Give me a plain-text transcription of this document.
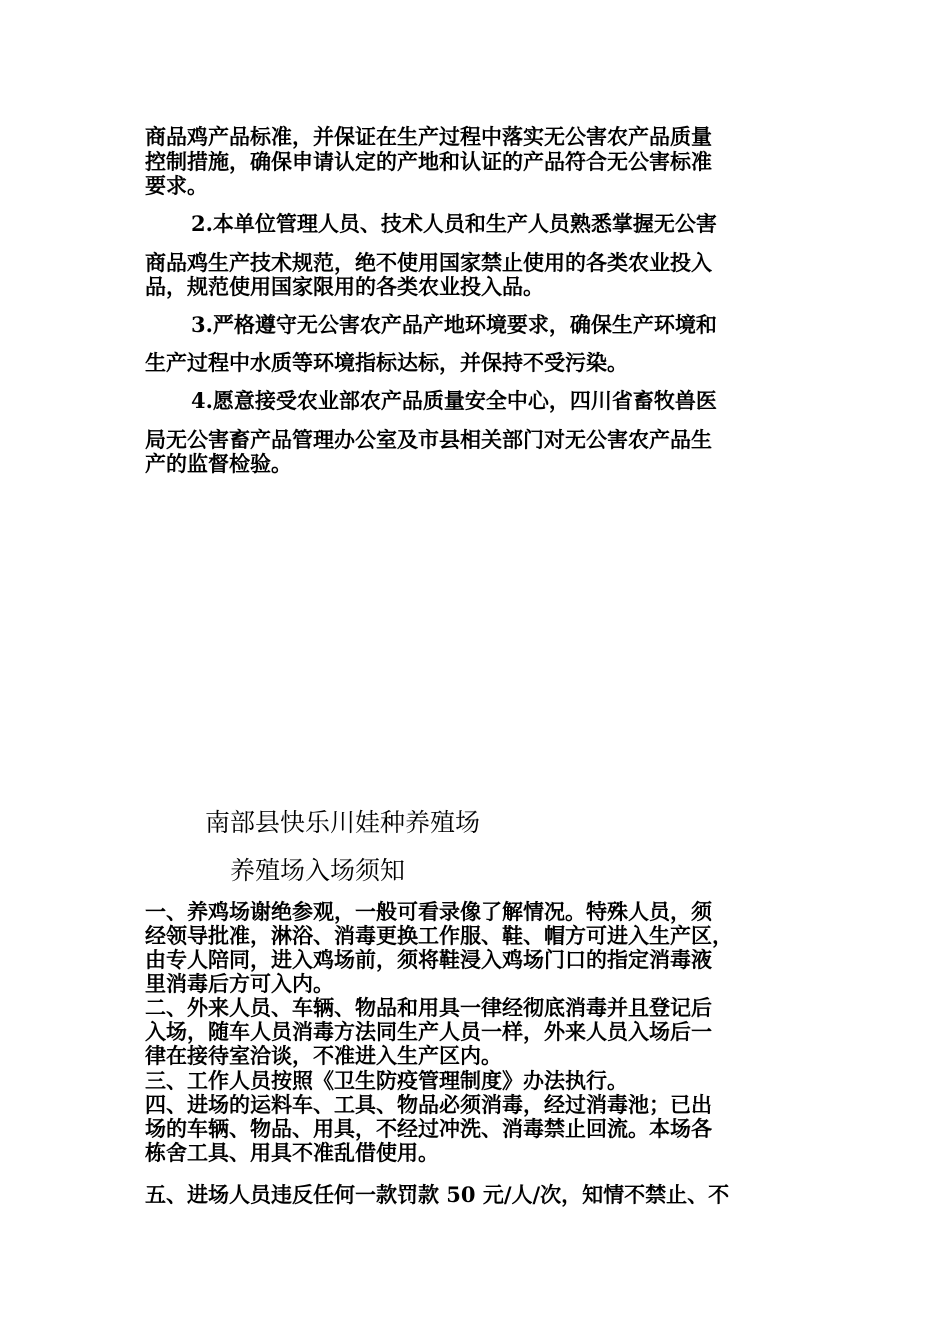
商品鸡产品标准，并保证在生产过程中落实无公害农产品质量
控制措施，确保申请认定的产地和认证的产品符合无公害标准
要求。
2.本单位管理人员、技术人员和生产人员熟悉掌握无公害
商品鸡生产技术规范，绝不使用国家禁止使用的各类农业投入
品，规范使用国家限用的各类农业投入品。
3.严格遵守无公害农产品产地环境要求，确保生产环境和
生产过程中水质等环境指标达标，并保持不受污染。
4.愿意接受农业部农产品质量安全中心，四川省畜牧兽医
局无公害畜产品管理办公室及市县相关部门对无公害农产品生
产的监督检验。
南部县快乐川娃种养殖场
养殖场入场须知
一、养鸡场谢绝参观，一般可看录像了解情况。特殊人员，须
经领导批准，淋浴、消毒更换工作服、鞋、帽方可进入生产区，
由专人陪同，进入鸡场前，须将鞋浸入鸡场门口的指定消毒液
里消毒后方可入内。
二、外来人员、车辆、物品和用具一律经彻底消毒并且登记后
入场，随车人员消毒方法同生产人员一样，外来人员入场后一
律在接待室洽谈，不准进入生产区内。
三、工作人员按照《卫生防疫管理制度》办法执行。
四、进场的运料车、工具、物品必须消毒，经过消毒池；已出
场的车辆、物品、用具，不经过冲洗、消毒禁止回流。本场各
栋舍工具、用具不准乱借使用。
五、进场人员违反任何一款罚款 50 元/人/次，知情不禁止、不
